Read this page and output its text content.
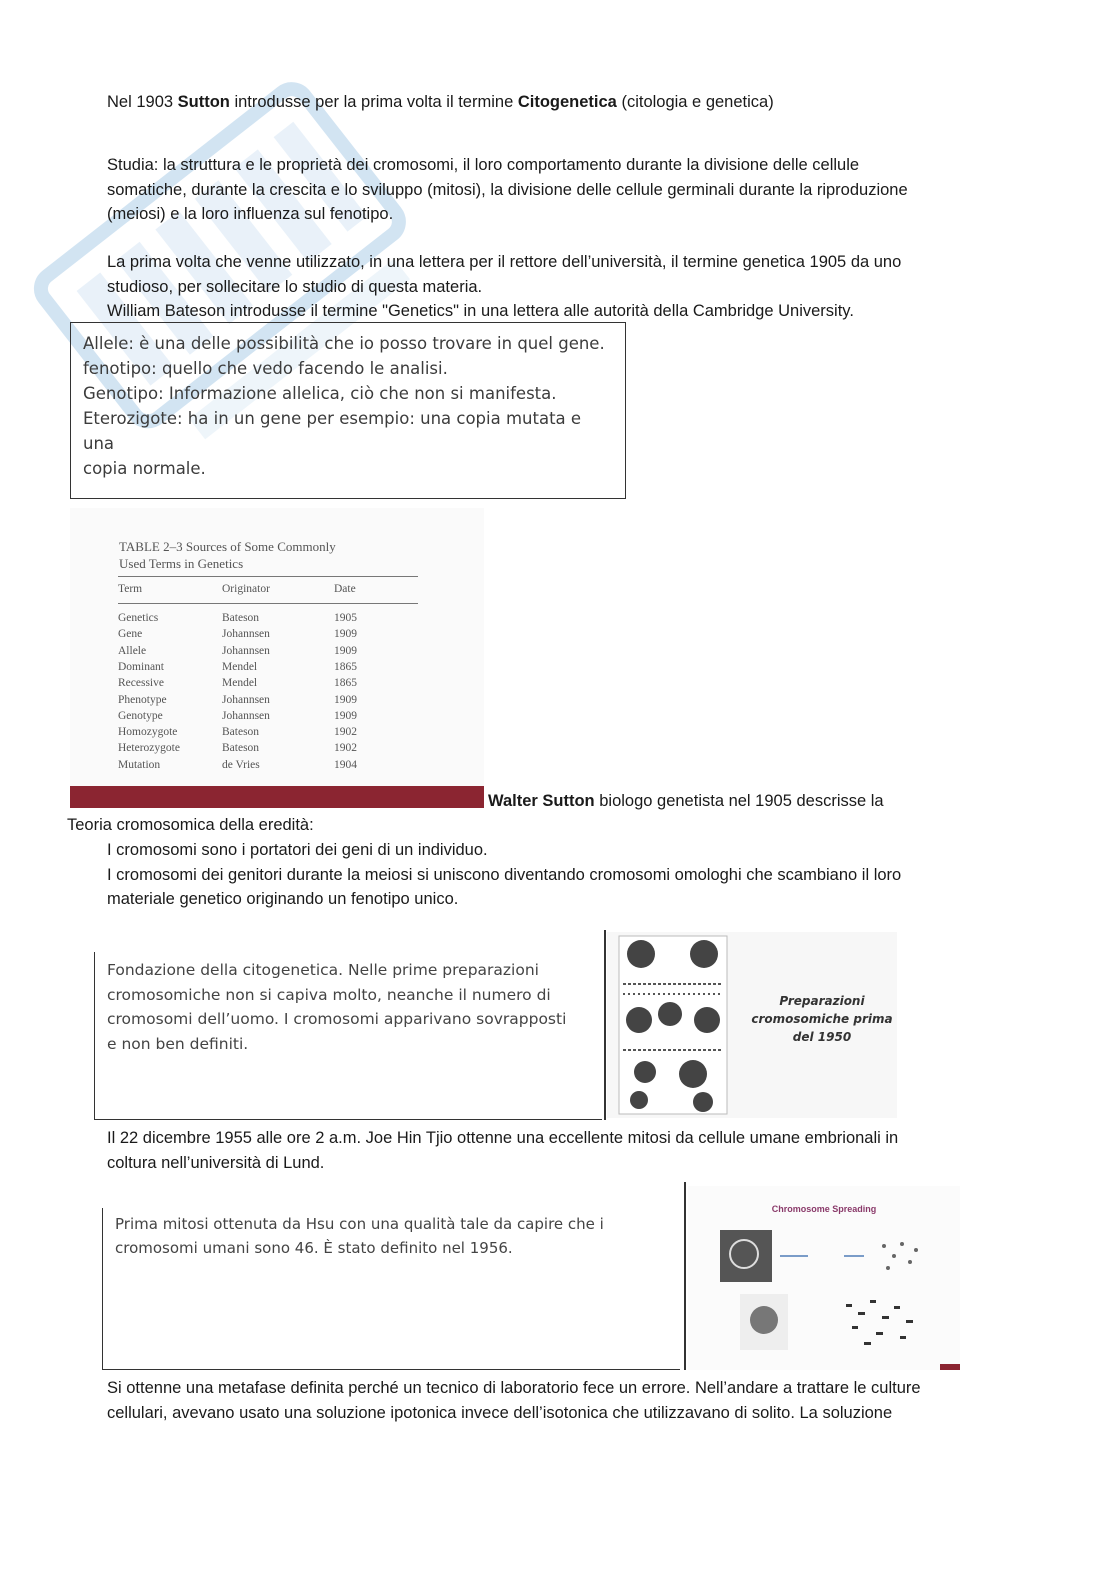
Nel 1903 Sutton introdusse per la prima volta il termine Citogenetica (citologia e genetica)
Studia: la struttura e le proprietà dei cromosomi, il loro comportamento durante la divisione delle cellule
somatiche, durante la crescita e lo sviluppo (mitosi), la divisione delle cellule germinali durante la riproduzione
(meiosi) e la loro influenza sul fenotipo.
La prima volta che venne utilizzato, in una lettera per il rettore dell’università, il termine genetica 1905 da uno
studioso, per sollecitare lo studio di questa materia.
William Bateson introdusse il termine "Genetics" in una lettera alle autorità della Cambridge University.
Allele: è una delle possibilità che io posso trovare in quel gene.
fenotipo: quello che vedo facendo le analisi.
Genotipo: Informazione allelica, ciò che non si manifesta.
Eterozigote: ha in un gene per esempio: una copia mutata e una
copia normale.
TABLE 2–3 Sources of Some Commonly
Used Terms in Genetics
Term	Originator	Date
Genetics	Bateson	1905
Gene	Johannsen	1909
Allele	Johannsen	1909
Dominant	Mendel	1865
Recessive	Mendel	1865
Phenotype	Johannsen	1909
Genotype	Johannsen	1909
Homozygote	Bateson	1902
Heterozygote	Bateson	1902
Mutation	de Vries	1904
Walter Sutton biologo genetista nel 1905 descrisse la
Teoria cromosomica della eredità:
I cromosomi sono i portatori dei geni di un individuo.
I cromosomi dei genitori durante la meiosi si uniscono diventando cromosomi omologhi che scambiano il loro
materiale genetico originando un fenotipo unico.
Fondazione della citogenetica. Nelle prime preparazioni
cromosomiche non si capiva molto, neanche il numero di
cromosomi dell’uomo. I cromosomi apparivano sovrapposti
e non ben definiti.
Preparazioni
cromosomiche prima
del 1950
Il 22 dicembre 1955 alle ore 2 a.m. Joe Hin Tjio ottenne una eccellente mitosi da cellule umane embrionali in
coltura nell’università di Lund.
Prima mitosi ottenuta da Hsu con una qualità tale da capire che i
cromosomi umani sono 46. È stato definito nel 1956.
Chromosome Spreading
Si ottenne una metafase definita perché un tecnico di laboratorio fece un errore. Nell’andare a trattare le culture
cellulari, avevano usato una soluzione ipotonica invece dell’isotonica che utilizzavano di solito. La soluzione
